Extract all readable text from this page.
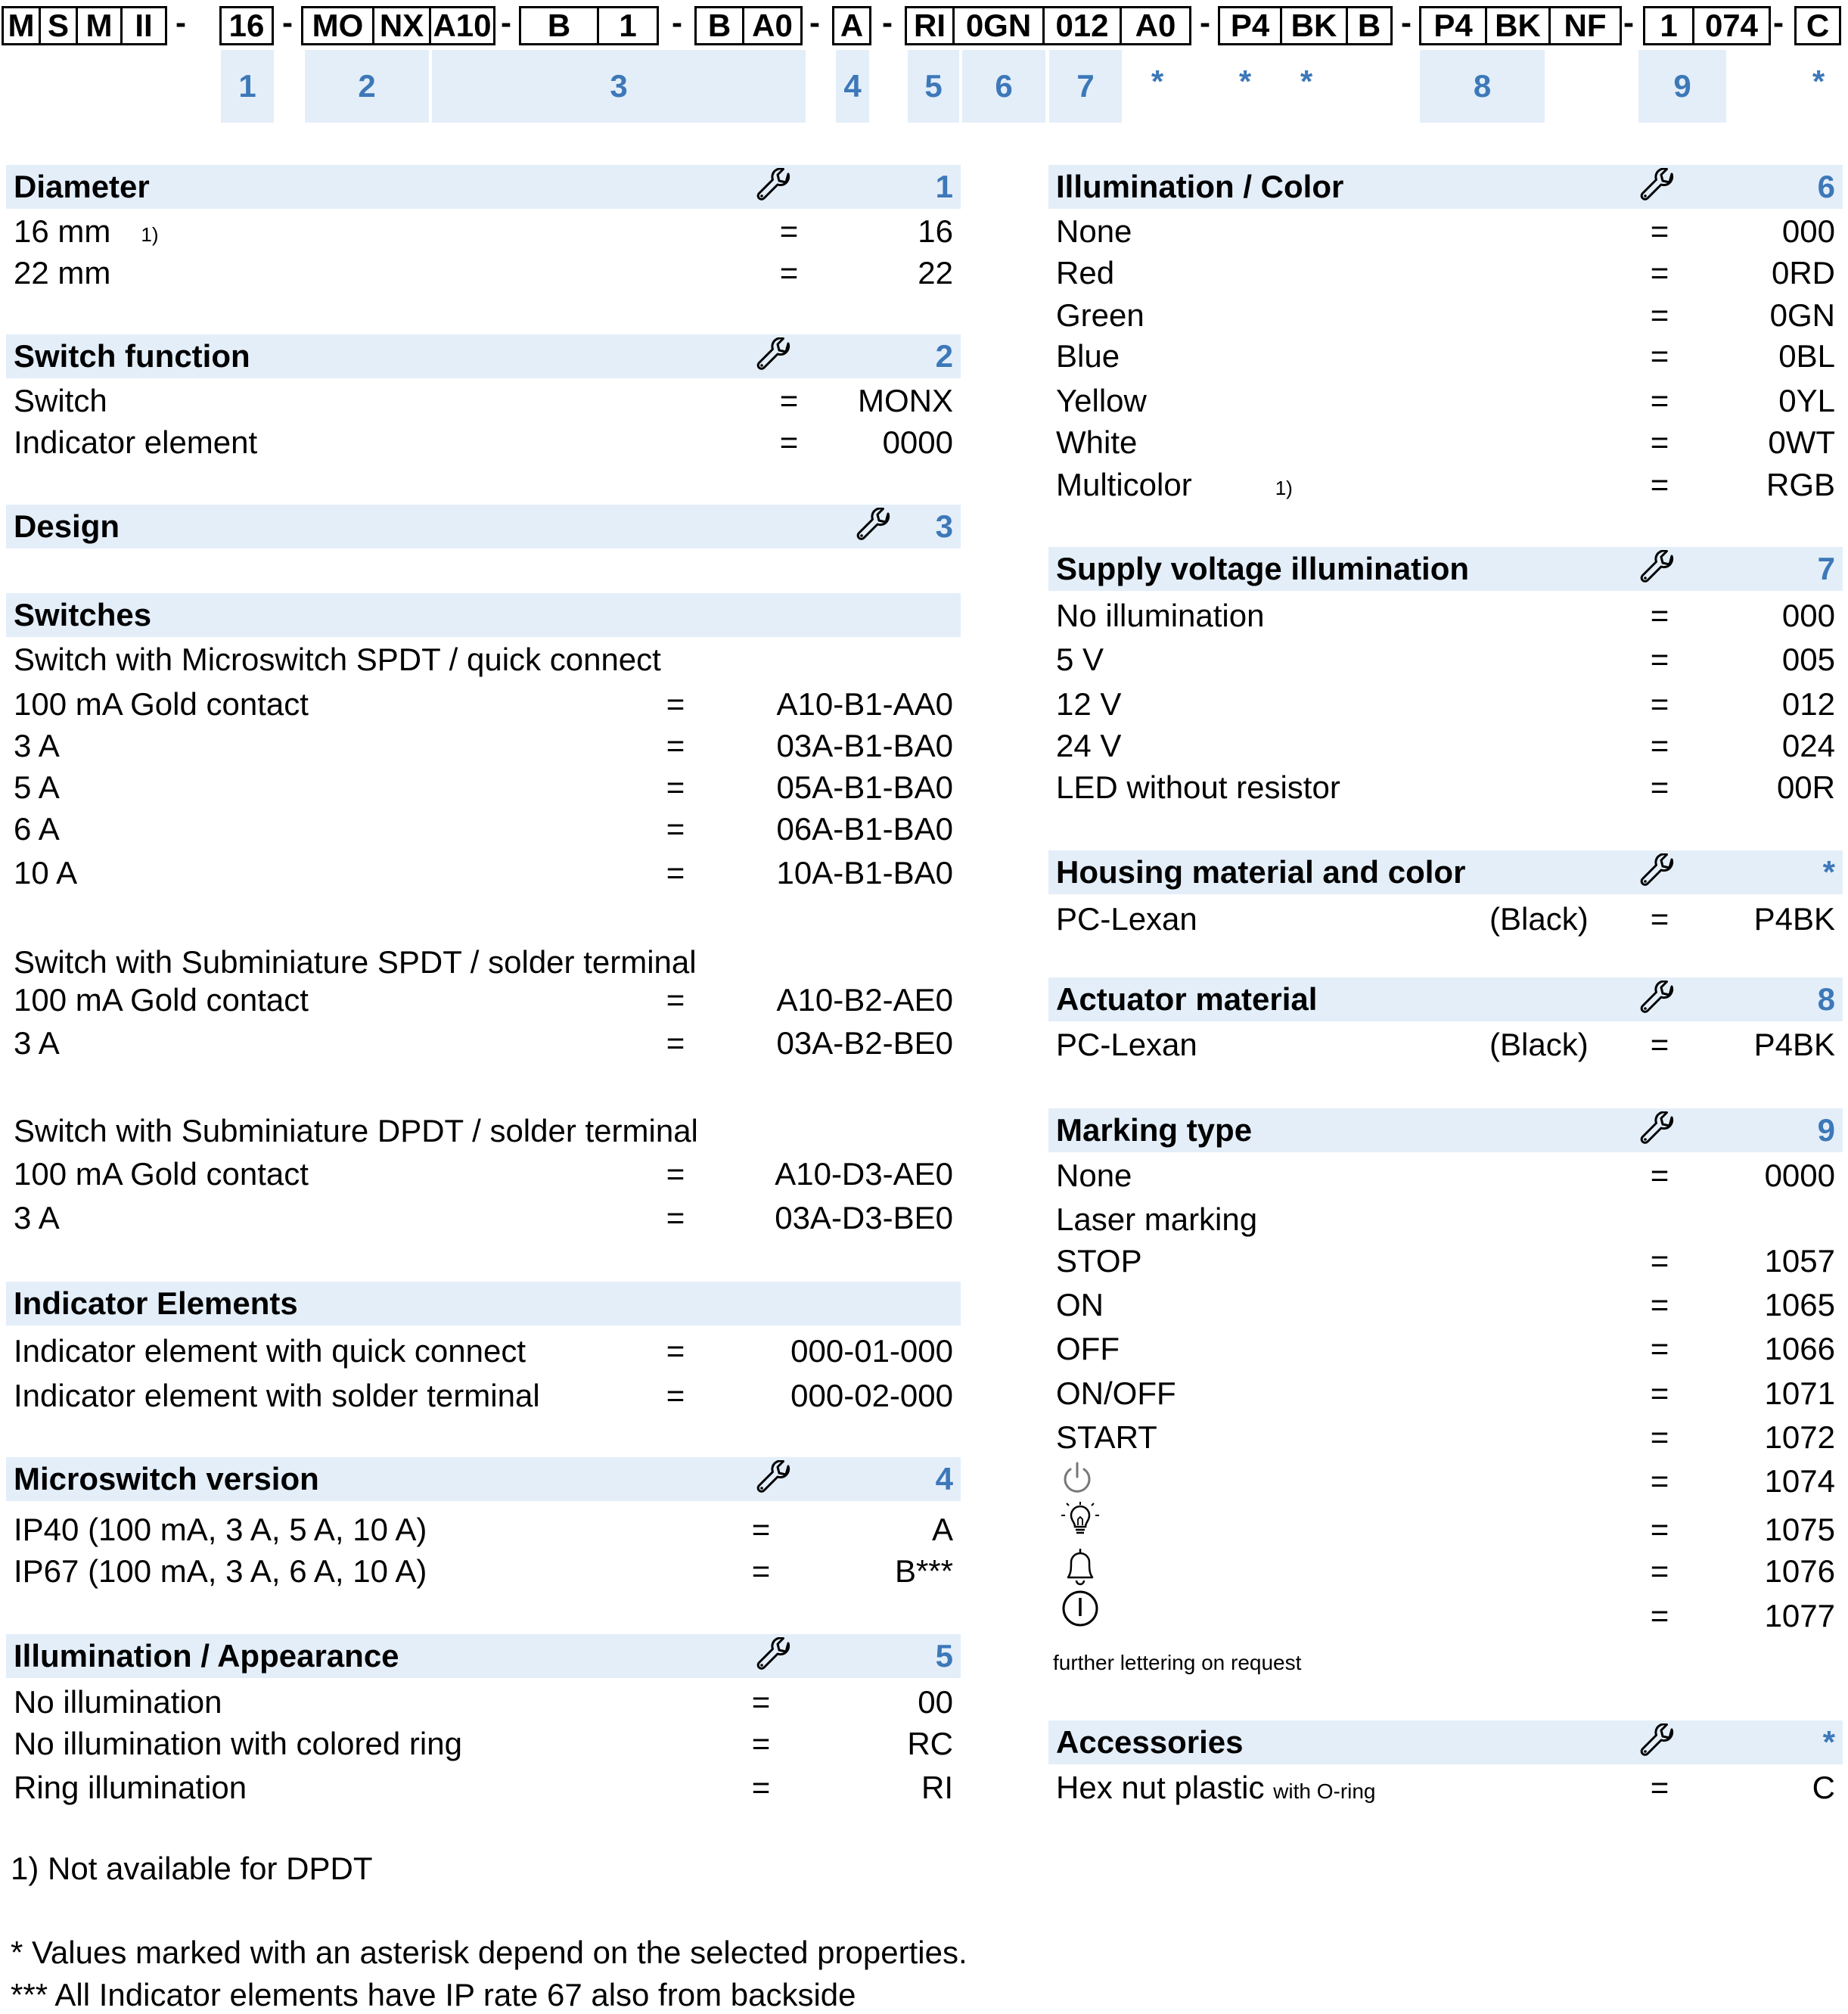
M S M II -	16 - MO NX A10 -	B	1	- B A0 - A - RI 0GN 012 A0 - P4 BK B - P4 BK NF - 1 074 - C
1	2	3	4	5	6	7	* * *	8	9	*
Diameter	1
16 mm 1)	=	16
22 mm	=	22
Switch function	2
Switch	= MONX
Indicator element	=	0000
Design	3
Switches
Switch with Microswitch SPDT / quick connect
100 mA Gold contact	=	A10-B1-AA0
3 A	=	03A-B1-BA0
5 A	=	05A-B1-BA0
6 A	=	06A-B1-BA0
10 A	=	10A-B1-BA0
Switch with Subminiature SPDT / solder terminal
100 mA Gold contact	=	A10-B2-AE0
3 A	=	03A-B2-BE0
Switch with Subminiature DPDT / solder terminal
100 mA Gold contact	=	A10-D3-AE0
3 A	=	03A-D3-BE0
Indicator Elements
Indicator element with quick connect	=	000-01-000
Indicator element with solder terminal	=	000-02-000
Microswitch version	4
IP40 (100 mA, 3 A, 5 A, 10 A)	=	A
IP67 (100 mA, 3 A, 6 A, 10 A)	=	B***
Illumination / Appearance	5
No illumination	=	00
No illumination with colored ring	=	RC
Ring illumination	=	RI
Illumination / Color	6
None	=	000
Red	=	0RD
Green	=	0GN
Blue	=	0BL
Yellow	=	0YL
White	=	0WT
Multicolor	1)	=	RGB
Supply voltage illumination	7
No illumination	=	000
5 V	=	005
12 V	=	012
24 V	=	024
LED without resistor	=	00R
Housing material and color	*
PC-Lexan	(Black) =	P4BK
Actuator material	8
PC-Lexan	(Black) =	P4BK
Marking type	9
None	=	0000
Laser marking
STOP	=	1057
ON	=	1065
OFF	=	1066
ON/OFF	=	1071
START	=	1072
=	1074
=	1075
=	1076
=	1077
further lettering on request
Accessories	*
Hex nut plastic with O-ring	=	C
1) Not available for DPDT
* Values marked with an asterisk depend on the selected properties.
*** All Indicator elements have IP rate 67 also from backside
